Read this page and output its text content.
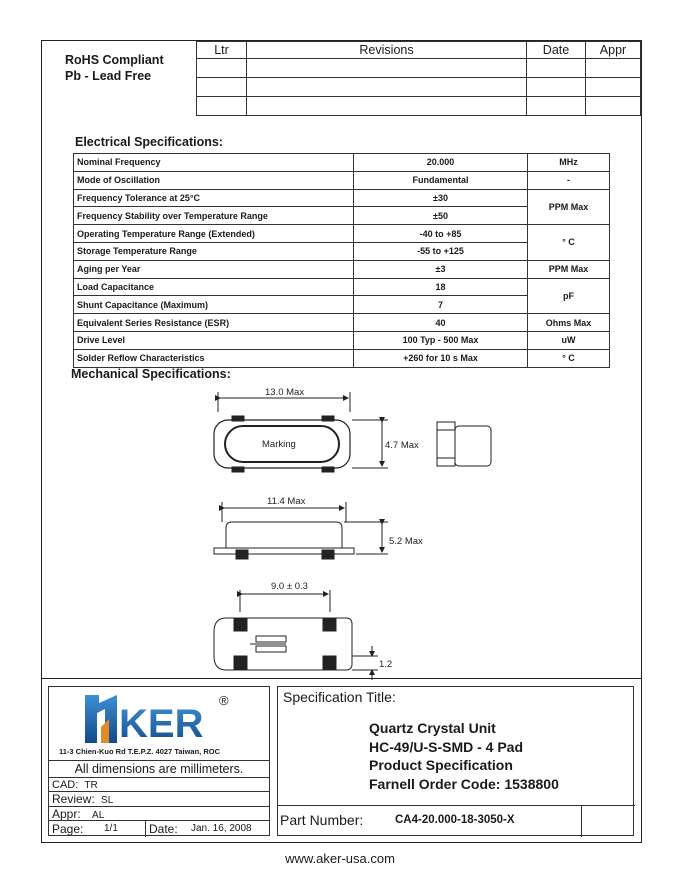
RoHS Compliant
Pb - Lead Free
Ltr	Revisions	Date	Appr

Electrical Specifications:
Nominal Frequency	20.000	MHz
Mode of Oscillation	Fundamental	-
Frequency Tolerance at 25°C	±30	PPM Max
Frequency Stability over Temperature Range	±50	
Operating Temperature Range (Extended)	-40 to +85	° C
Storage Temperature Range	-55 to +125	
Aging per Year	±3	PPM Max
Load Capacitance	18	pF
Shunt Capacitance (Maximum)	7	
Equivalent Series Resistance (ESR)	40	Ohms Max
Drive Level	100 Typ - 500 Max	uW
Solder Reflow Characteristics	+260 for 10 s Max	° C
Mechanical Specifications:
13.0 Max
Marking	4.7 Max
11.4 Max
5.2 Max
9.0 ± 0.3
1.2
KER
®
11-3 Chien-Kuo Rd T.E.P.Z. 4027 Taiwan, ROC
All dimensions are millimeters.
CAD: TR
Review: SL
Appr: AL
Page: 1/1	Date: Jan. 16, 2008
Specification Title:
Quartz Crystal Unit
HC-49/U-S-SMD - 4 Pad
Product Specification
Farnell Order Code: 1538800
Part Number:	CA4-20.000-18-3050-X
www.aker-usa.com
